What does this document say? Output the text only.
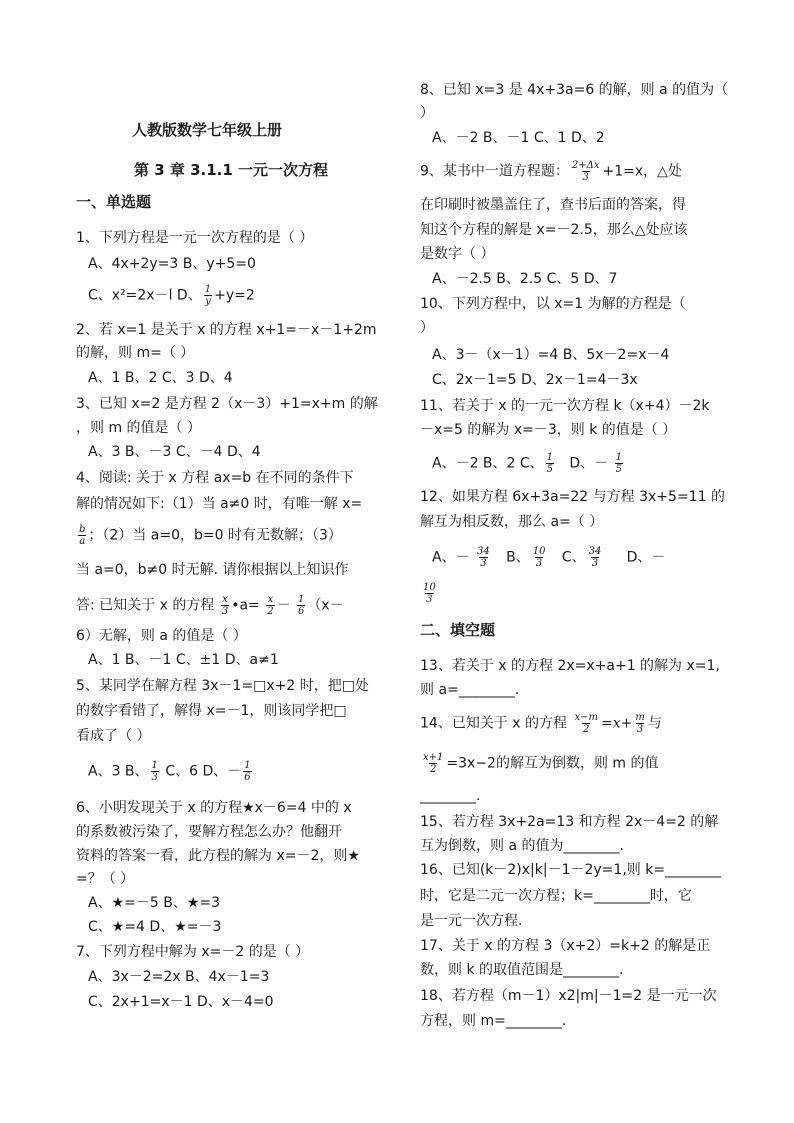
人教版数学七年级上册
第 3 章 3.1.1 一元一次方程
一、单选题
1、下列方程是一元一次方程的是（ ）
A、4x+2y=3 B、y+5=0
C、x²=2x－l D、 $\frac{1}{y} +y=2$
2、若 x=1 是关于 x 的方程 x+1=－x－1+2m
的解，则 m=（ ）
A、1 B、2 C、3 D、4
3、已知 x=2 是方程 2（x－3）+1=x+m 的解
，则 m 的值是（ ）
A、3 B、－3 C、－4 D、4
4、阅读: 关于 x 方程 ax=b 在不同的条件下
解的情况如下:（1）当 a≠0 时，有唯一解 x=
$\frac{b}{a}$ ；（2）当 a=0，b=0 时有无数解；（3）
当 a=0，b≠0 时无解. 请你根据以上知识作
答: 已知关于 x 的方程 $\frac{x}{3}$ •a= $\frac{x}{2} - \frac{1}{6} (x-$
6）无解，则 a 的值是（ ）
A、1 B、－1 C、±1 D、a≠1
5、某同学在解方程 3x－1=□x+2 时，把□处
的数字看错了，解得 x=－1，则该同学把□
看成了（ ）
A、3 B、 $\frac{1}{3}$ C、6 D、－ $\frac{1}{6}$
6、小明发现关于 x 的方程★x－6=4 中的 x
的系数被污染了，要解方程怎么办？他翻开
资料的答案一看，此方程的解为 x=－2，则★
=？（ ）
A、★=－5 B、★=3
C、★=4 D、★=－3
7、下列方程中解为 x=－2 的是（ ）
A、3x－2=2x B、4x－1=3
C、2x+1=x－1 D、x－4=0
8、已知 x=3 是 4x+3a=6 的解，则 a 的值为（
）
A、－2 B、－1 C、1 D、2
9、某书中一道方程题： $\frac{2+\Delta x}{3} +1=x$，△处
在印刷时被墨盖住了，查书后面的答案，得
知这个方程的解是 x=－2.5，那么△处应该
是数字（ ）
A、－2.5 B、2.5 C、5 D、7
10、下列方程中，以 x=1 为解的方程是（
）
A、3－（x－1）=4 B、5x－2=x－4
C、2x－1=5 D、2x－1=4－3x
11、若关于 x 的一元一次方程 k（x+4）－2k
－x=5 的解为 x=－3，则 k 的值是（ ）
A、－2 B、2 C、 $\frac{1}{5}$ D、－ $\frac{1}{5}$
12、如果方程 6x+3a=22 与方程 3x+5=11 的
解互为相反数，那么 a=（ ）
A、－ $\frac{34}{3}$ B、 $\frac{10}{3}$ C、 $\frac{34}{3}$ D、－
$\frac{10}{3}$
二、填空题
13、若关于 x 的方程 2x=x+a+1 的解为 x=1,
则 a=________.
14、已知关于 x 的方程 $\frac{x-m}{2} =x+ \frac{m}{3}$ 与
$\frac{x+1}{2} =3x-2$的解互为倒数，则 m 的值
________.
15、若方程 3x+2a=13 和方程 2x－4=2 的解
互为倒数，则 a 的值为________.
16、已知(k－2)x|k|－1－2y=1,则 k=________
时，它是二元一次方程；k=________时，它
是一元一次方程.
17、关于 x 的方程 3（x+2）=k+2 的解是正
数，则 k 的取值范围是________.
18、若方程（m－1）x2|m|－1=2 是一元一次
方程，则 m=________.
